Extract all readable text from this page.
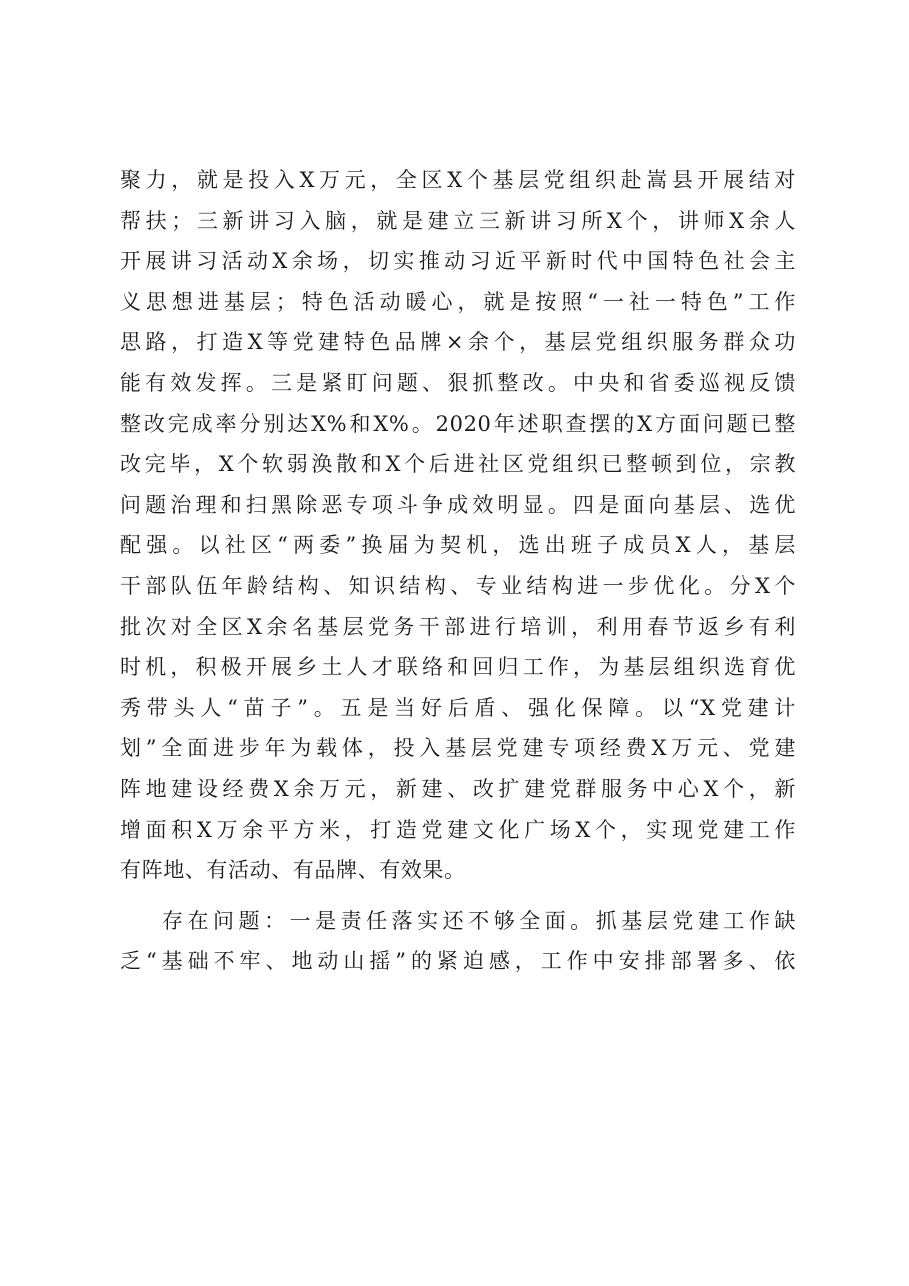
聚力，就是投入X万元，全区X个基层党组织赴嵩县开展结对
帮扶；三新讲习入脑，就是建立三新讲习所X个，讲师X余人
开展讲习活动X余场，切实推动习近平新时代中国特色社会主
义思想进基层；特色活动暖心，就是按照“一社一特色”工作
思路，打造X等党建特色品牌×余个，基层党组织服务群众功
能有效发挥。三是紧盯问题、狠抓整改。中央和省委巡视反馈
整改完成率分别达X%和X%。2020年述职查摆的X方面问题已整
改完毕，X个软弱涣散和X个后进社区党组织已整顿到位，宗教
问题治理和扫黑除恶专项斗争成效明显。四是面向基层、选优
配强。以社区“两委”换届为契机，选出班子成员X人，基层
干部队伍年龄结构、知识结构、专业结构进一步优化。分X个
批次对全区X余名基层党务干部进行培训，利用春节返乡有利
时机，积极开展乡土人才联络和回归工作，为基层组织选育优
秀带头人“苗子”。五是当好后盾、强化保障。以“X党建计
划”全面进步年为载体，投入基层党建专项经费X万元、党建
阵地建设经费X余万元，新建、改扩建党群服务中心X个，新
增面积X万余平方米，打造党建文化广场X个，实现党建工作
有阵地、有活动、有品牌、有效果。
存在问题：一是责任落实还不够全面。抓基层党建工作缺
乏“基础不牢、地动山摇”的紧迫感，工作中安排部署多、依
